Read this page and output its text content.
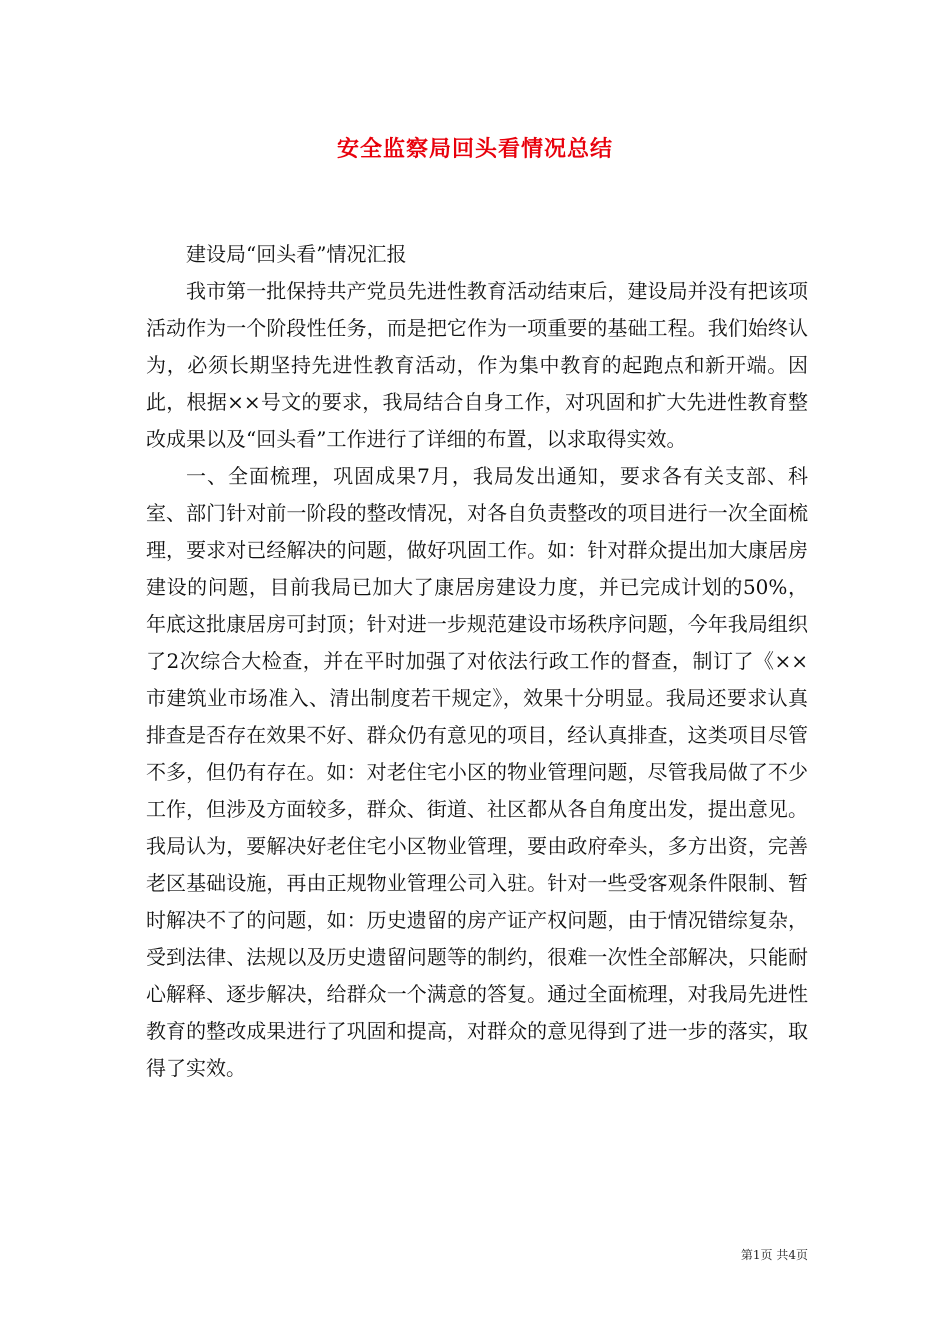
安全监察局回头看情况总结

建设局“回头看”情况汇报

我市第一批保持共产党员先进性教育活动结束后，建设局并没有把该项活动作为一个阶段性任务，而是把它作为一项重要的基础工程。我们始终认为，必须长期坚持先进性教育活动，作为集中教育的起跑点和新开端。因此，根据××号文的要求，我局结合自身工作，对巩固和扩大先进性教育整改成果以及“回头看”工作进行了详细的布置，以求取得实效。

一、全面梳理，巩固成果7月，我局发出通知，要求各有关支部、科室、部门针对前一阶段的整改情况，对各自负责整改的项目进行一次全面梳理，要求对已经解决的问题，做好巩固工作。如：针对群众提出加大康居房建设的问题，目前我局已加大了康居房建设力度，并已完成计划的50%，年底这批康居房可封顶；针对进一步规范建设市场秩序问题，今年我局组织了2次综合大检查，并在平时加强了对依法行政工作的督查，制订了《××市建筑业市场准入、清出制度若干规定》，效果十分明显。我局还要求认真排查是否存在效果不好、群众仍有意见的项目，经认真排查，这类项目尽管不多，但仍有存在。如：对老住宅小区的物业管理问题，尽管我局做了不少工作，但涉及方面较多，群众、街道、社区都从各自角度出发，提出意见。我局认为，要解决好老住宅小区物业管理，要由政府牵头，多方出资，完善老区基础设施，再由正规物业管理公司入驻。针对一些受客观条件限制、暂时解决不了的问题，如：历史遗留的房产证产权问题，由于情况错综复杂，受到法律、法规以及历史遗留问题等的制约，很难一次性全部解决，只能耐心解释、逐步解决，给群众一个满意的答复。通过全面梳理，对我局先进性教育的整改成果进行了巩固和提高，对群众的意见得到了进一步的落实，取得了实效。

第1页 共4页
